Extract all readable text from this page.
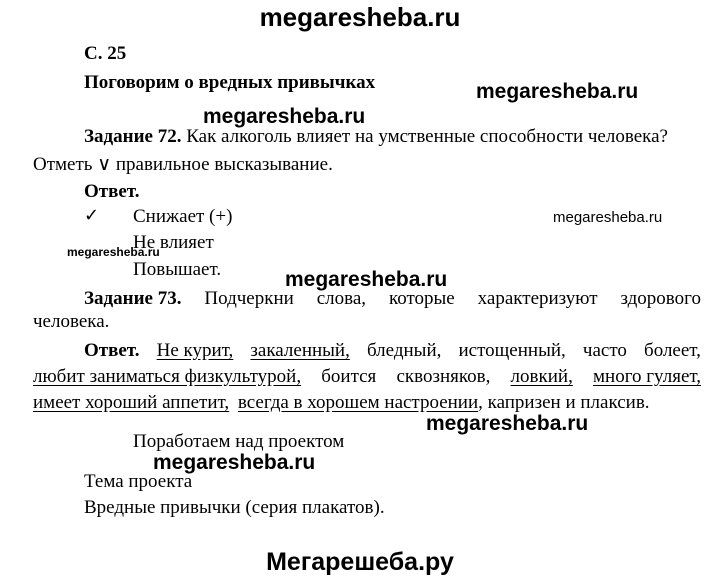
megaresheba.ru
megaresheba.ru
megaresheba.ru
megaresheba.ru
megaresheba.ru
megaresheba.ru
megaresheba.ru
megaresheba.ru
Мегарешеба.ру
С. 25
Поговорим о вредных привычках
Задание 72. Как алкоголь влияет на умственные способности человека?
Отметь ∨ правильное высказывание.
Ответ.
✓ Снижает (+)
Не влияет
Повышает.
Задание 73. Подчеркни слова, которые характеризуют здорового
человека.
Ответ. Не курит, закаленный, бледный, истощенный, часто болеет,
любит заниматься физкультурой, боится сквозняков, ловкий, много гуляет,
имеет хороший аппетит, всегда в хорошем настроении, капризен и плаксив.
Поработаем над проектом
Тема проекта
Вредные привычки (серия плакатов).
